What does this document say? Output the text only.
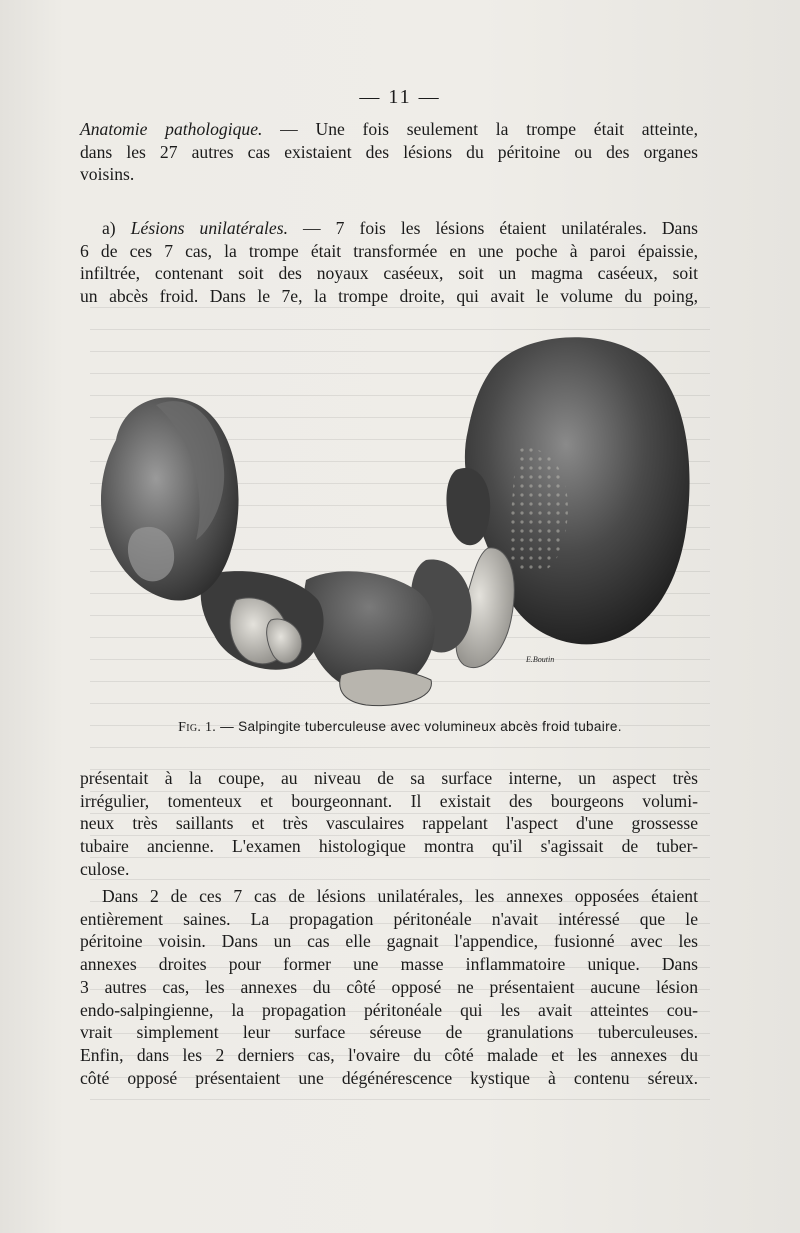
— 11 —
Anatomie pathologique. — Une fois seulement la trompe était atteinte,
dans les 27 autres cas existaient des lésions du péritoine ou des organes
voisins.
a) Lésions unilatérales. — 7 fois les lésions étaient unilatérales. Dans
6 de ces 7 cas, la trompe était transformée en une poche à paroi épaissie,
infiltrée, contenant soit des noyaux caséeux, soit un magma caséeux, soit
un abcès froid. Dans le 7e, la trompe droite, qui avait le volume du poing,
E.Boutin
Fig. 1. — Salpingite tuberculeuse avec volumineux abcès froid tubaire.
présentait à la coupe, au niveau de sa surface interne, un aspect très
irrégulier, tomenteux et bourgeonnant. Il existait des bourgeons volumi-
neux très saillants et très vasculaires rappelant l'aspect d'une grossesse
tubaire ancienne. L'examen histologique montra qu'il s'agissait de tuber-
culose.
Dans 2 de ces 7 cas de lésions unilatérales, les annexes opposées étaient
entièrement saines. La propagation péritonéale n'avait intéressé que le
péritoine voisin. Dans un cas elle gagnait l'appendice, fusionné avec les
annexes droites pour former une masse inflammatoire unique. Dans
3 autres cas, les annexes du côté opposé ne présentaient aucune lésion
endo-salpingienne, la propagation péritonéale qui les avait atteintes cou-
vrait simplement leur surface séreuse de granulations tuberculeuses.
Enfin, dans les 2 derniers cas, l'ovaire du côté malade et les annexes du
côté opposé présentaient une dégénérescence kystique à contenu séreux.
